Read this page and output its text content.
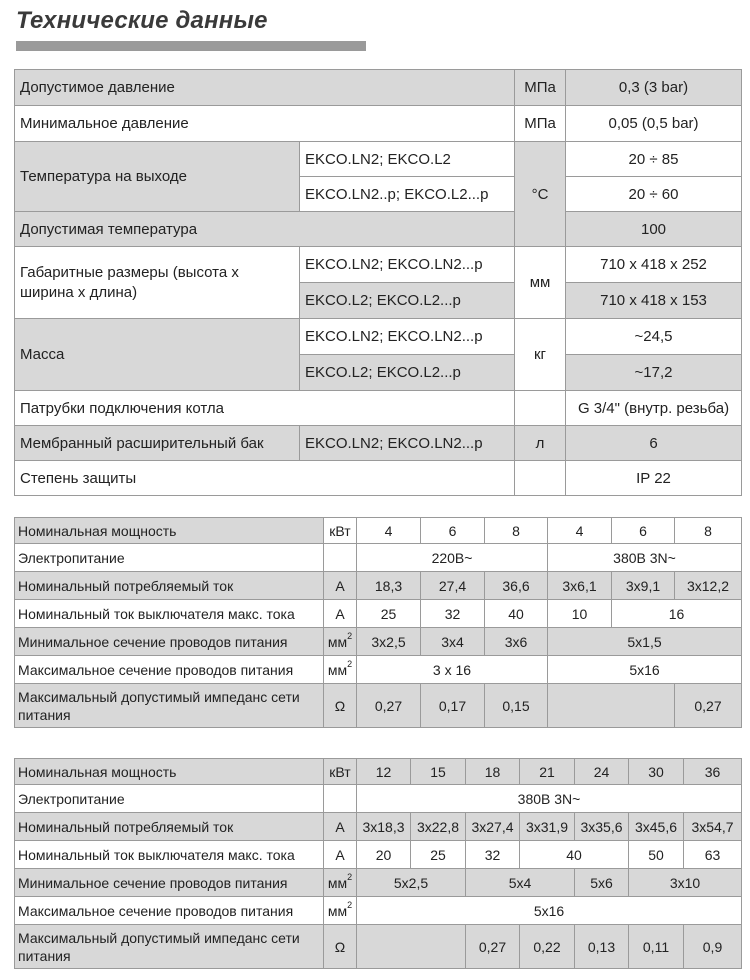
Технические данные
Допустимое давление		МПа	0,3 (3 bar)
Минимальное давление		МПа	0,05 (0,5 bar)
Температура на выходе	EKCO.LN2; EKCO.L2	°C	20 ÷ 85
	EKCO.LN2..р; EKCO.L2...р		20 ÷ 60
Допустимая температура			100
Габаритные размеры (высота х ширина х длина)	EKCO.LN2; EKCO.LN2...р	мм	710 x 418 x 252
	EKCO.L2; EKCO.L2...р		710 x 418 x 153
Масса	EKCO.LN2; EKCO.LN2...р	кг	~24,5
	EKCO.L2; EKCO.L2...р		~17,2
Патрубки подключения котла			G 3/4" (внутр. резьба)
Мембранный расширительный бак	EKCO.LN2; EKCO.LN2...р	л	6
Степень защиты			IP 22
Номинальная мощность	кВт	4	6	8	4	6	8
Электропитание		220В~			380В 3N~		
Номинальный потребляемый ток	А	18,3	27,4	36,6	3х6,1	3х9,1	3х12,2
Номинальный ток выключателя макс. тока	А	25	32	40	10	16	
Минимальное сечение проводов питания	$мм^2$	3х2,5	3х4	3х6	5х1,5		
Максимальное сечение проводов питания	$мм^2$	3 х 16			5х16		
Максимальный допустимый импеданс сети питания	Ω	0,27	0,17	0,15			0,27
Номинальная мощность	кВт	12	15	18	21	24	30	36
Электропитание		380В 3N~						
Номинальный потребляемый ток	А	3х18,3	3х22,8	3х27,4	3х31,9	3х35,6	3х45,6	3х54,7
Номинальный ток выключателя макс. тока	А	20	25	32	40		50	63
Минимальное сечение проводов питания	$мм^2$	5х2,5		5х4		5х6	3х10	
Максимальное сечение проводов питания	$мм^2$	5х16						
Максимальный допустимый импеданс сети питания	Ω			0,27	0,22	0,13	0,11	0,9
